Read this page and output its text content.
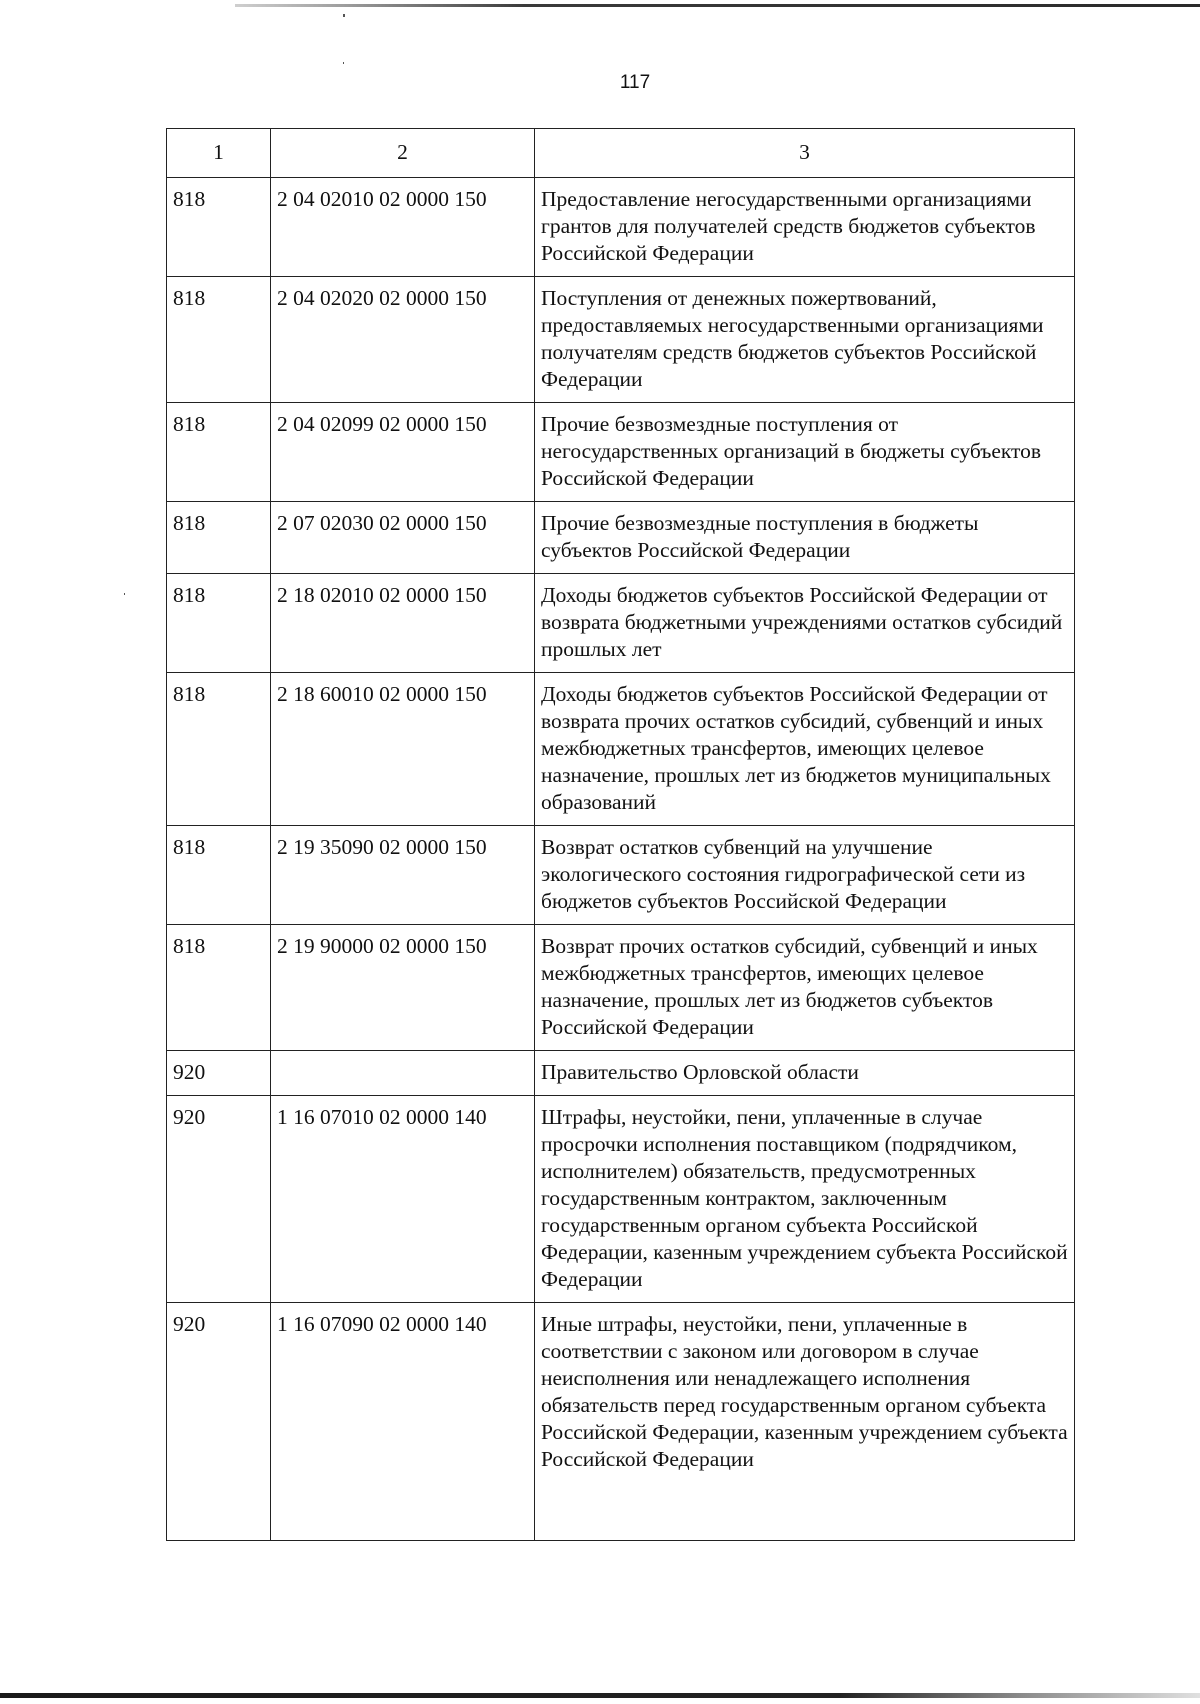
117
1	2	3
818	2 04 02010 02 0000 150	Предоставление негосударственными организациями грантов для получателей средств бюджетов субъектов Российской Федерации
818	2 04 02020 02 0000 150	Поступления от денежных пожертвований, предоставляемых негосударственными организациями получателям средств бюджетов субъектов Российской Федерации
818	2 04 02099 02 0000 150	Прочие безвозмездные поступления от негосударственных организаций в бюджеты субъектов Российской Федерации
818	2 07 02030 02 0000 150	Прочие безвозмездные поступления в бюджеты субъектов Российской Федерации
818	2 18 02010 02 0000 150	Доходы бюджетов субъектов Российской Федерации от возврата бюджетными учреждениями остатков субсидий прошлых лет
818	2 18 60010 02 0000 150	Доходы бюджетов субъектов Российской Федерации от возврата прочих остатков субсидий, субвенций и иных межбюджетных трансфертов, имеющих целевое назначение, прошлых лет из бюджетов муниципальных образований
818	2 19 35090 02 0000 150	Возврат остатков субвенций на улучшение экологического состояния гидрографической сети из бюджетов субъектов Российской Федерации
818	2 19 90000 02 0000 150	Возврат прочих остатков субсидий, субвенций и иных межбюджетных трансфертов, имеющих целевое назначение, прошлых лет из бюджетов субъектов Российской Федерации
920		Правительство Орловской области
920	1 16 07010 02 0000 140	Штрафы, неустойки, пени, уплаченные в случае просрочки исполнения поставщиком (подрядчиком, исполнителем) обязательств, предусмотренных государственным контрактом, заключенным государственным органом субъекта Российской Федерации, казенным учреждением субъекта Российской Федерации
920	1 16 07090 02 0000 140	Иные штрафы, неустойки, пени, уплаченные в соответствии с законом или договором в случае неисполнения или ненадлежащего исполнения обязательств перед государственным органом субъекта Российской Федерации, казенным учреждением субъекта Российской Федерации
